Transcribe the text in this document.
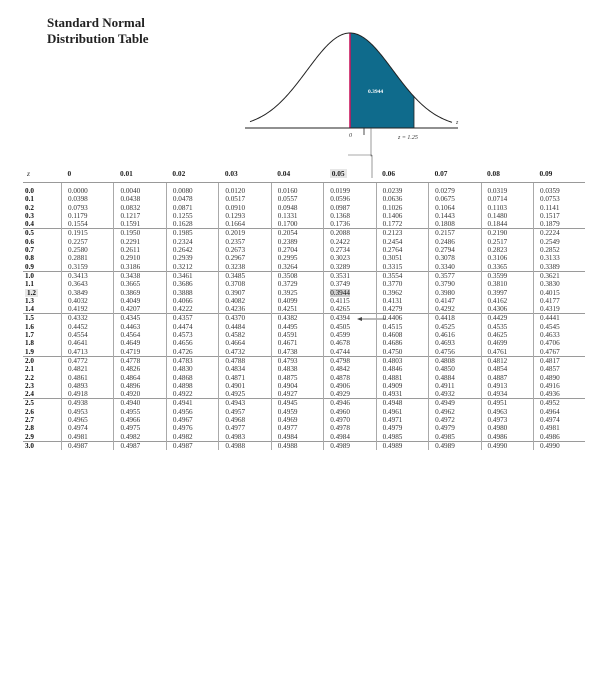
Standard Normal
Distribution Table
0.3944
0	z = 1.25
z
z	0	0.01	0.02	0.03	0.04	0.05	0.06	0.07	0.08	0.09
0.0	0.0000	0.0040	0.0080	0.0120	0.0160	0.0199	0.0239	0.0279	0.0319	0.0359
0.1	0.0398	0.0438	0.0478	0.0517	0.0557	0.0596	0.0636	0.0675	0.0714	0.0753
0.2	0.0793	0.0832	0.0871	0.0910	0.0948	0.0987	0.1026	0.1064	0.1103	0.1141
0.3	0.1179	0.1217	0.1255	0.1293	0.1331	0.1368	0.1406	0.1443	0.1480	0.1517
0.4	0.1554	0.1591	0.1628	0.1664	0.1700	0.1736	0.1772	0.1808	0.1844	0.1879
0.5	0.1915	0.1950	0.1985	0.2019	0.2054	0.2088	0.2123	0.2157	0.2190	0.2224
0.6	0.2257	0.2291	0.2324	0.2357	0.2389	0.2422	0.2454	0.2486	0.2517	0.2549
0.7	0.2580	0.2611	0.2642	0.2673	0.2704	0.2734	0.2764	0.2794	0.2823	0.2852
0.8	0.2881	0.2910	0.2939	0.2967	0.2995	0.3023	0.3051	0.3078	0.3106	0.3133
0.9	0.3159	0.3186	0.3212	0.3238	0.3264	0.3289	0.3315	0.3340	0.3365	0.3389
1.0	0.3413	0.3438	0.3461	0.3485	0.3508	0.3531	0.3554	0.3577	0.3599	0.3621
1.1	0.3643	0.3665	0.3686	0.3708	0.3729	0.3749	0.3770	0.3790	0.3810	0.3830
1.2	0.3849	0.3869	0.3888	0.3907	0.3925	0.3944	0.3962	0.3980	0.3997	0.4015
1.3	0.4032	0.4049	0.4066	0.4082	0.4099	0.4115	0.4131	0.4147	0.4162	0.4177
1.4	0.4192	0.4207	0.4222	0.4236	0.4251	0.4265	0.4279	0.4292	0.4306	0.4319
1.5	0.4332	0.4345	0.4357	0.4370	0.4382	0.4394	0.4406	0.4418	0.4429	0.4441
1.6	0.4452	0.4463	0.4474	0.4484	0.4495	0.4505	0.4515	0.4525	0.4535	0.4545
1.7	0.4554	0.4564	0.4573	0.4582	0.4591	0.4599	0.4608	0.4616	0.4625	0.4633
1.8	0.4641	0.4649	0.4656	0.4664	0.4671	0.4678	0.4686	0.4693	0.4699	0.4706
1.9	0.4713	0.4719	0.4726	0.4732	0.4738	0.4744	0.4750	0.4756	0.4761	0.4767
2.0	0.4772	0.4778	0.4783	0.4788	0.4793	0.4798	0.4803	0.4808	0.4812	0.4817
2.1	0.4821	0.4826	0.4830	0.4834	0.4838	0.4842	0.4846	0.4850	0.4854	0.4857
2.2	0.4861	0.4864	0.4868	0.4871	0.4875	0.4878	0.4881	0.4884	0.4887	0.4890
2.3	0.4893	0.4896	0.4898	0.4901	0.4904	0.4906	0.4909	0.4911	0.4913	0.4916
2.4	0.4918	0.4920	0.4922	0.4925	0.4927	0.4929	0.4931	0.4932	0.4934	0.4936
2.5	0.4938	0.4940	0.4941	0.4943	0.4945	0.4946	0.4948	0.4949	0.4951	0.4952
2.6	0.4953	0.4955	0.4956	0.4957	0.4959	0.4960	0.4961	0.4962	0.4963	0.4964
2.7	0.4965	0.4966	0.4967	0.4968	0.4969	0.4970	0.4971	0.4972	0.4973	0.4974
2.8	0.4974	0.4975	0.4976	0.4977	0.4977	0.4978	0.4979	0.4979	0.4980	0.4981
2.9	0.4981	0.4982	0.4982	0.4983	0.4984	0.4984	0.4985	0.4985	0.4986	0.4986
3.0	0.4987	0.4987	0.4987	0.4988	0.4988	0.4989	0.4989	0.4989	0.4990	0.4990
